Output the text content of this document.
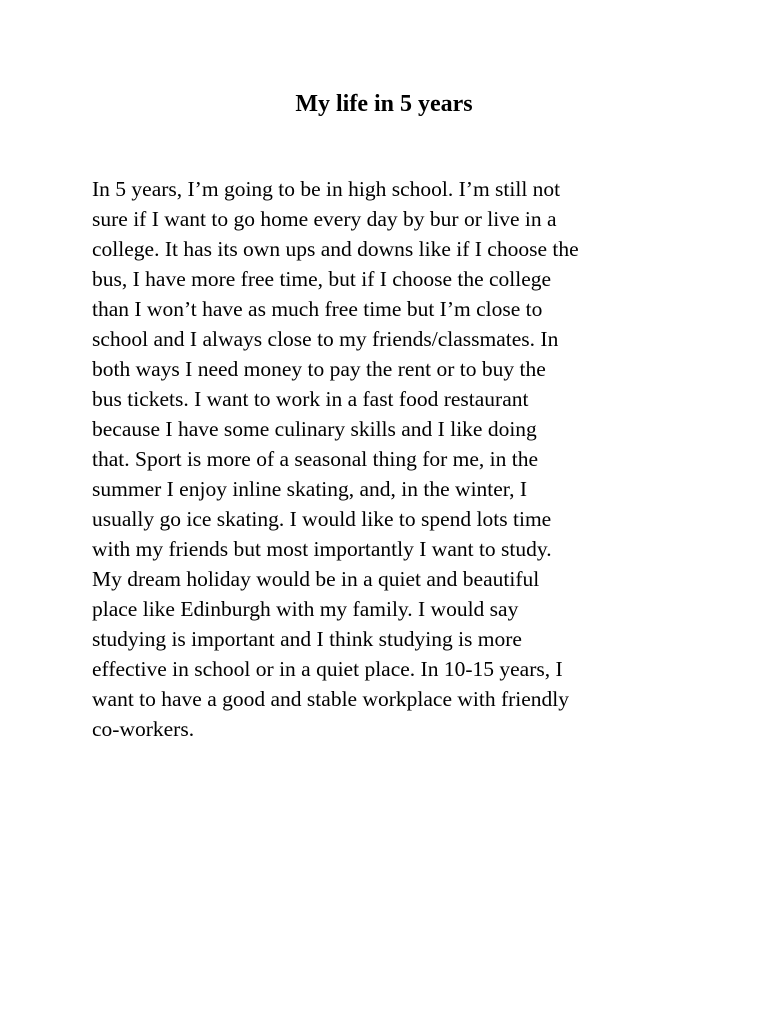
My life in 5 years
In 5 years, I’m going to be in high school. I’m still not
sure if I want to go home every day by bur or live in a
college. It has its own ups and downs like if I choose the
bus, I have more free time, but if I choose the college
than I won’t have as much free time but I’m close to
school and I always close to my friends/classmates. In
both ways I need money to pay the rent or to buy the
bus tickets. I want to work in a fast food restaurant
because I have some culinary skills and I like doing
that. Sport is more of a seasonal thing for me, in the
summer I enjoy inline skating, and, in the winter, I
usually go ice skating. I would like to spend lots time
with my friends but most importantly I want to study.
My dream holiday would be in a quiet and beautiful
place like Edinburgh with my family. I would say
studying is important and I think studying is more
effective in school or in a quiet place. In 10-15 years, I
want to have a good and stable workplace with friendly
co-workers.
